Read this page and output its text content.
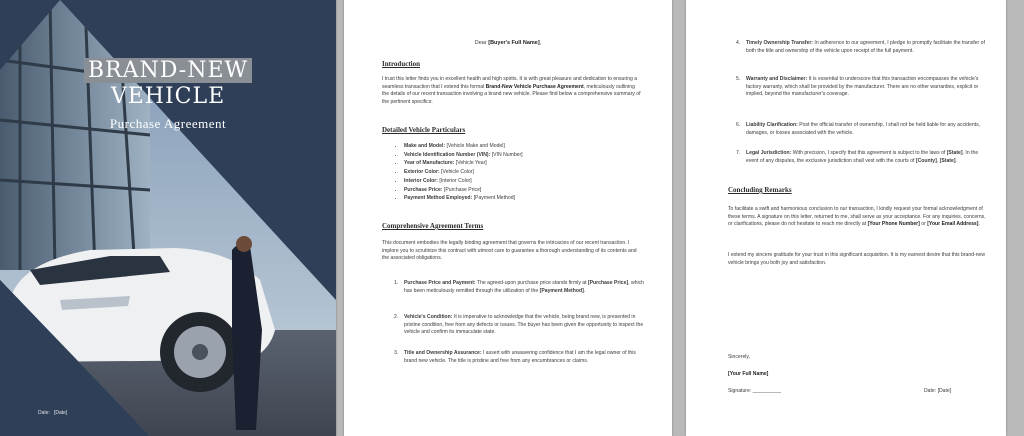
BRAND-NEW
VEHICLE
Purchase Agreement
Date: [Date]
Dear [Buyer's Full Name],
Introduction
I trust this letter finds you in excellent health and high spirits. It is with great pleasure and dedication to ensuring a seamless transaction that I extend this formal Brand-New Vehicle Purchase Agreement, meticulously outlining the details of our recent transaction involving a brand new vehicle. Please find below a comprehensive summary of the pertinent specifics:
Detailed Vehicle Particulars
• Make and Model: [Vehicle Make and Model]
• Vehicle Identification Number (VIN): [VIN Number]
• Year of Manufacture: [Vehicle Year]
• Exterior Color: [Vehicle Color]
• Interior Color: [Interior Color]
• Purchase Price: [Purchase Price]
• Payment Method Employed: [Payment Method]
Comprehensive Agreement Terms
This document embodies the legally binding agreement that governs the intricacies of our recent transaction. I implore you to scrutinize this contract with utmost care to guarantee a thorough understanding of its contents and the associated obligations.
1. Purchase Price and Payment: The agreed-upon purchase price stands firmly at [Purchase Price], which has been meticulously remitted through the utilization of the [Payment Method].
2. Vehicle's Condition: It is imperative to acknowledge that the vehicle, being brand new, is presented in pristine condition, free from any defects or issues. The buyer has been given the opportunity to inspect the vehicle and confirm its immaculate state.
3. Title and Ownership Assurance: I assert with unwavering confidence that I am the legal owner of this brand new vehicle. The title is pristine and free from any encumbrances or claims.
4. Timely Ownership Transfer: In adherence to our agreement, I pledge to promptly facilitate the transfer of both the title and ownership of the vehicle upon receipt of the full payment.
5. Warranty and Disclaimer: It is essential to underscore that this transaction encompasses the vehicle's factory warranty, which shall be provided by the manufacturer. There are no other warranties, explicit or implied, beyond the manufacturer's coverage.
6. Liability Clarification: Post the official transfer of ownership, I shall not be held liable for any accidents, damages, or losses associated with the vehicle.
7. Legal Jurisdiction: With precision, I specify that this agreement is subject to the laws of [State]. In the event of any disputes, the exclusive jurisdiction shall vest with the courts of [County], [State].
Concluding Remarks
To facilitate a swift and harmonious conclusion to our transaction, I kindly request your formal acknowledgment of these terms. A signature on this letter, returned to me, shall serve as your acceptance. For any inquiries, concerns, or clarifications, please do not hesitate to reach me directly at [Your Phone Number] or [Your Email Address].
I extend my sincere gratitude for your trust in this significant acquisition. It is my earnest desire that this brand-new vehicle brings you both joy and satisfaction.
Sincerely,
[Your Full Name]
Signature: __________	Date: [Date]
